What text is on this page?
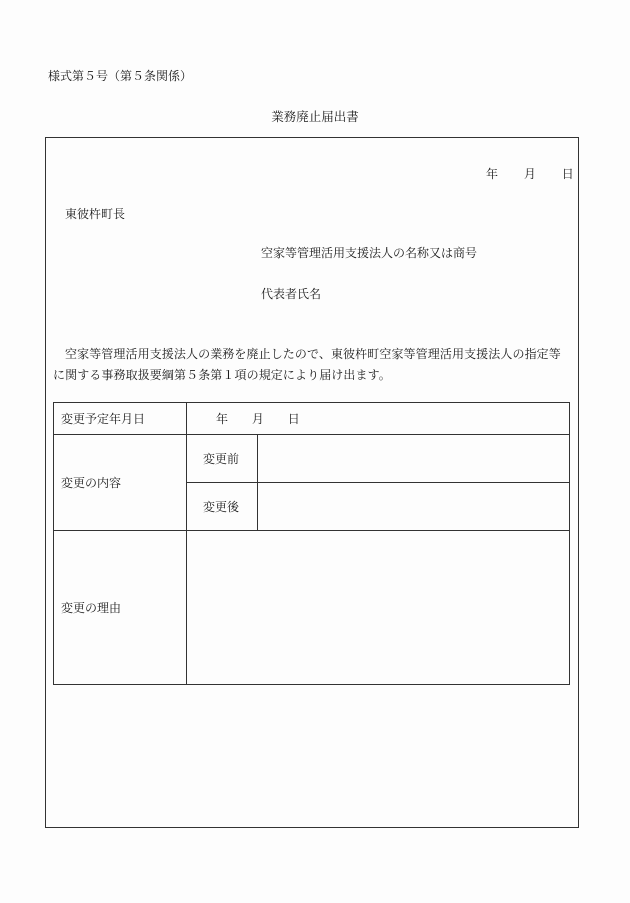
様式第５号（第５条関係）
業務廃止届出書
年 月 日
東彼杵町長
空家等管理活用支援法人の名称又は商号
代表者氏名
空家等管理活用支援法人の業務を廃止したので、東彼杵町空家等管理活用支援法人の指定等
に関する事務取扱要綱第５条第１項の規定により届け出ます。
変更予定年月日	年 月 日	
変更の内容	変更前	
	変更後	
変更の理由		
